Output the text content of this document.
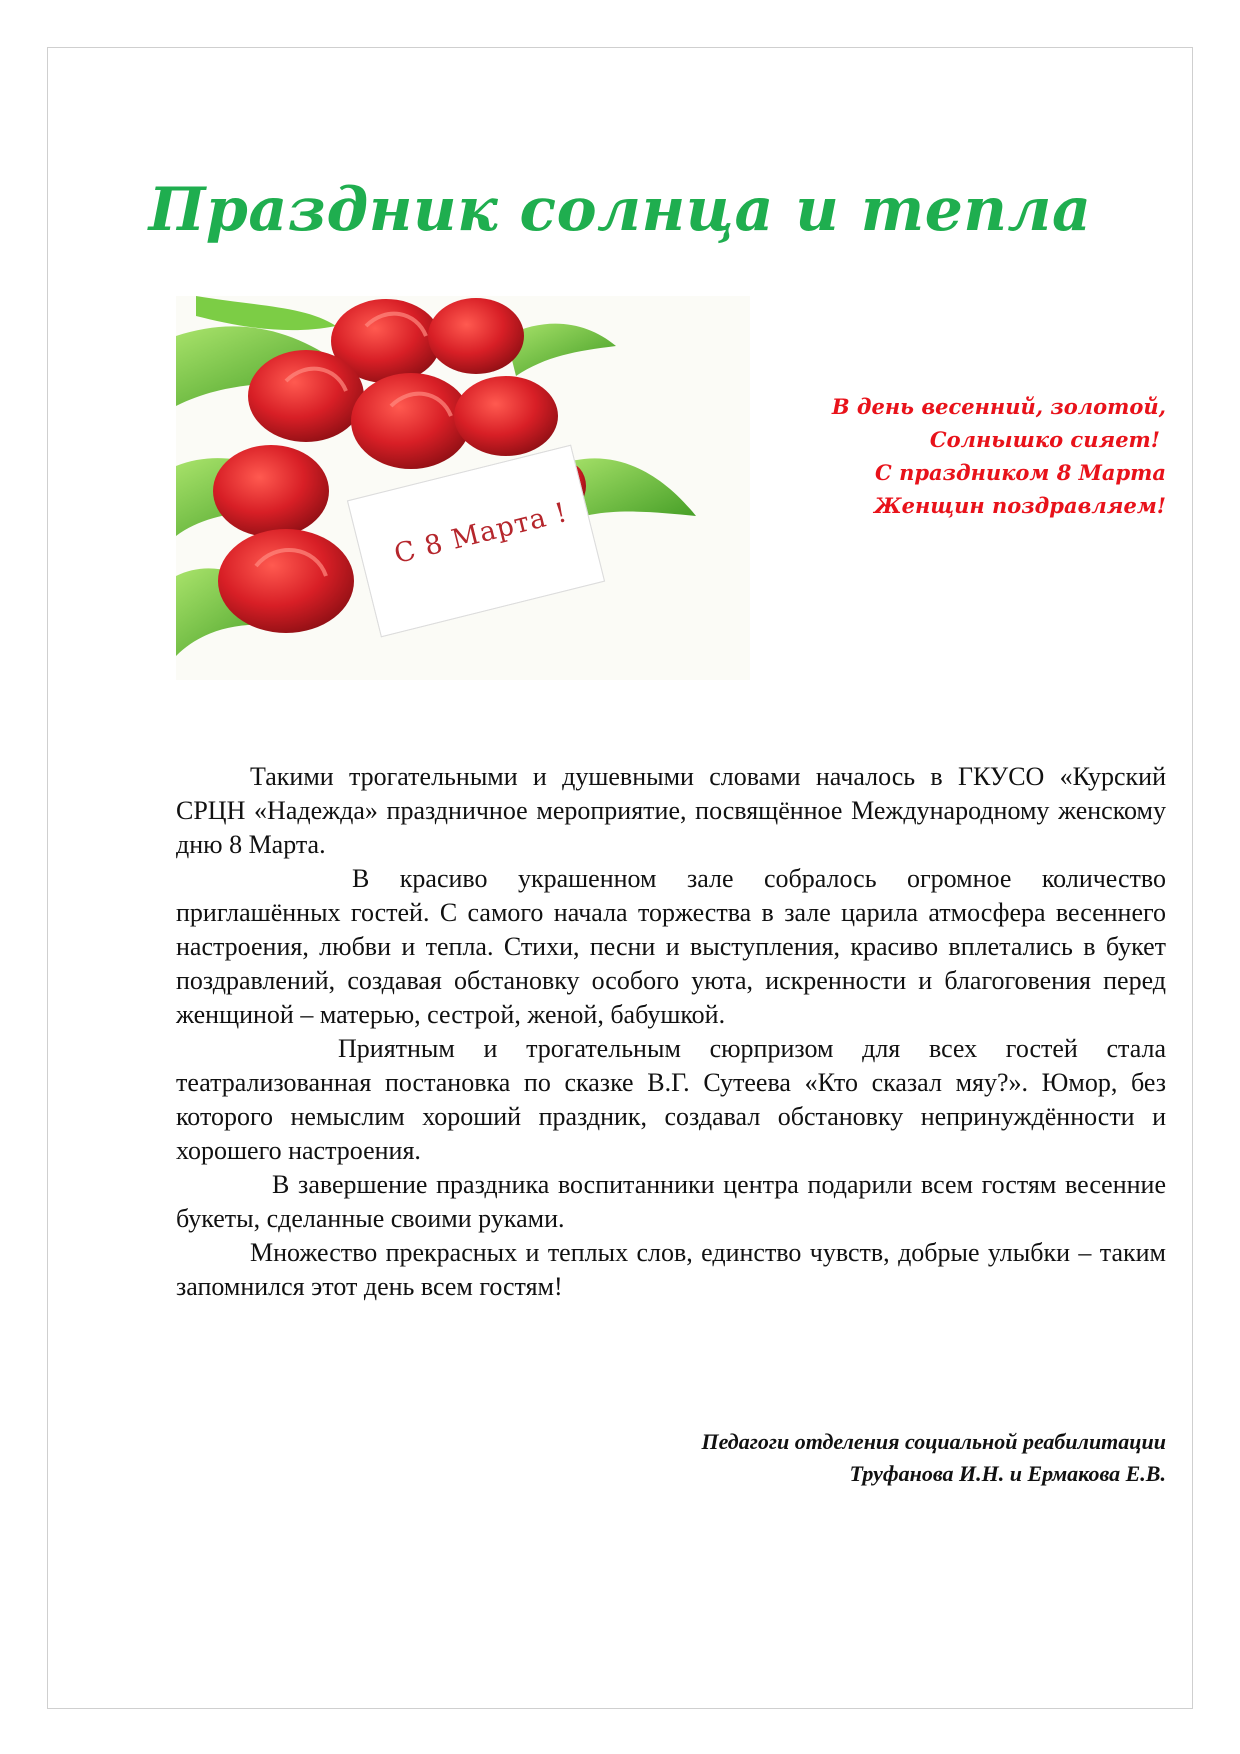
Праздник солнца и тепла
С 8 Марта !
В день весенний, золотой,
Солнышко сияет!
С праздником 8 Марта
Женщин поздравляем!

Такими трогательными и душевными словами началось в ГКУСО «Курский СРЦН «Надежда» праздничное мероприятие, посвящённое Международному женскому дню 8 Марта.

В красиво украшенном зале собралось огромное количество приглашённых гостей. С самого начала торжества в зале царила атмосфера весеннего настроения, любви и тепла. Стихи, песни и выступления, красиво вплетались в букет поздравлений, создавая обстановку особого уюта, искренности и благоговения перед женщиной – матерью, сестрой, женой, бабушкой.

Приятным и трогательным сюрпризом для всех гостей стала театрализованная постановка по сказке В.Г. Сутеева «Кто сказал мяу?». Юмор, без которого немыслим хороший праздник, создавал обстановку непринуждённости и хорошего настроения.

В завершение праздника воспитанники центра подарили всем гостям весенние букеты, сделанные своими руками.

Множество прекрасных и теплых слов, единство чувств, добрые улыбки – таким запомнился этот день всем гостям!

Педагоги отделения социальной реабилитации
Труфанова И.Н. и Ермакова Е.В.
